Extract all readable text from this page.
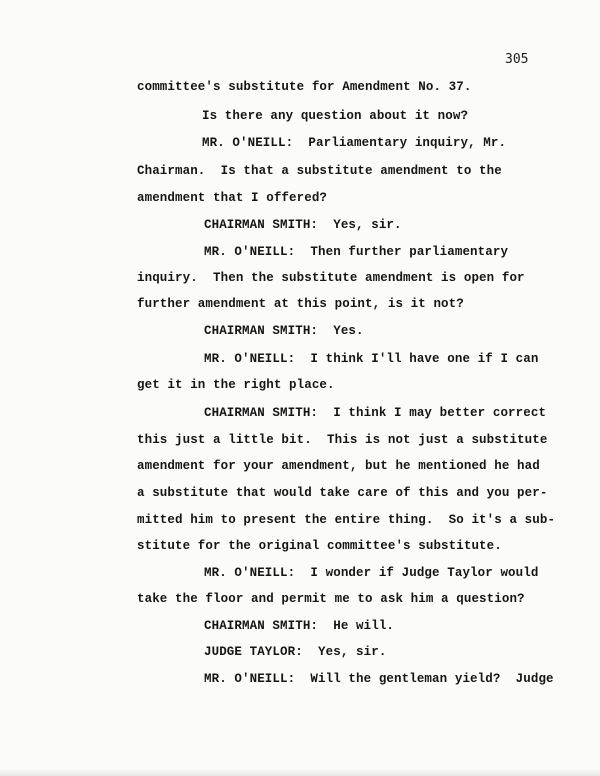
305
committee's substitute for Amendment No. 37.
Is there any question about it now?
MR. O'NEILL:  Parliamentary inquiry, Mr.
Chairman.  Is that a substitute amendment to the
amendment that I offered?
CHAIRMAN SMITH:  Yes, sir.
MR. O'NEILL:  Then further parliamentary
inquiry.  Then the substitute amendment is open for
further amendment at this point, is it not?
CHAIRMAN SMITH:  Yes.
MR. O'NEILL:  I think I'll have one if I can
get it in the right place.
CHAIRMAN SMITH:  I think I may better correct
this just a little bit.  This is not just a substitute
amendment for your amendment, but he mentioned he had
a substitute that would take care of this and you per-
mitted him to present the entire thing.  So it's a sub-
stitute for the original committee's substitute.
MR. O'NEILL:  I wonder if Judge Taylor would
take the floor and permit me to ask him a question?
CHAIRMAN SMITH:  He will.
JUDGE TAYLOR:  Yes, sir.
MR. O'NEILL:  Will the gentleman yield?  Judge
